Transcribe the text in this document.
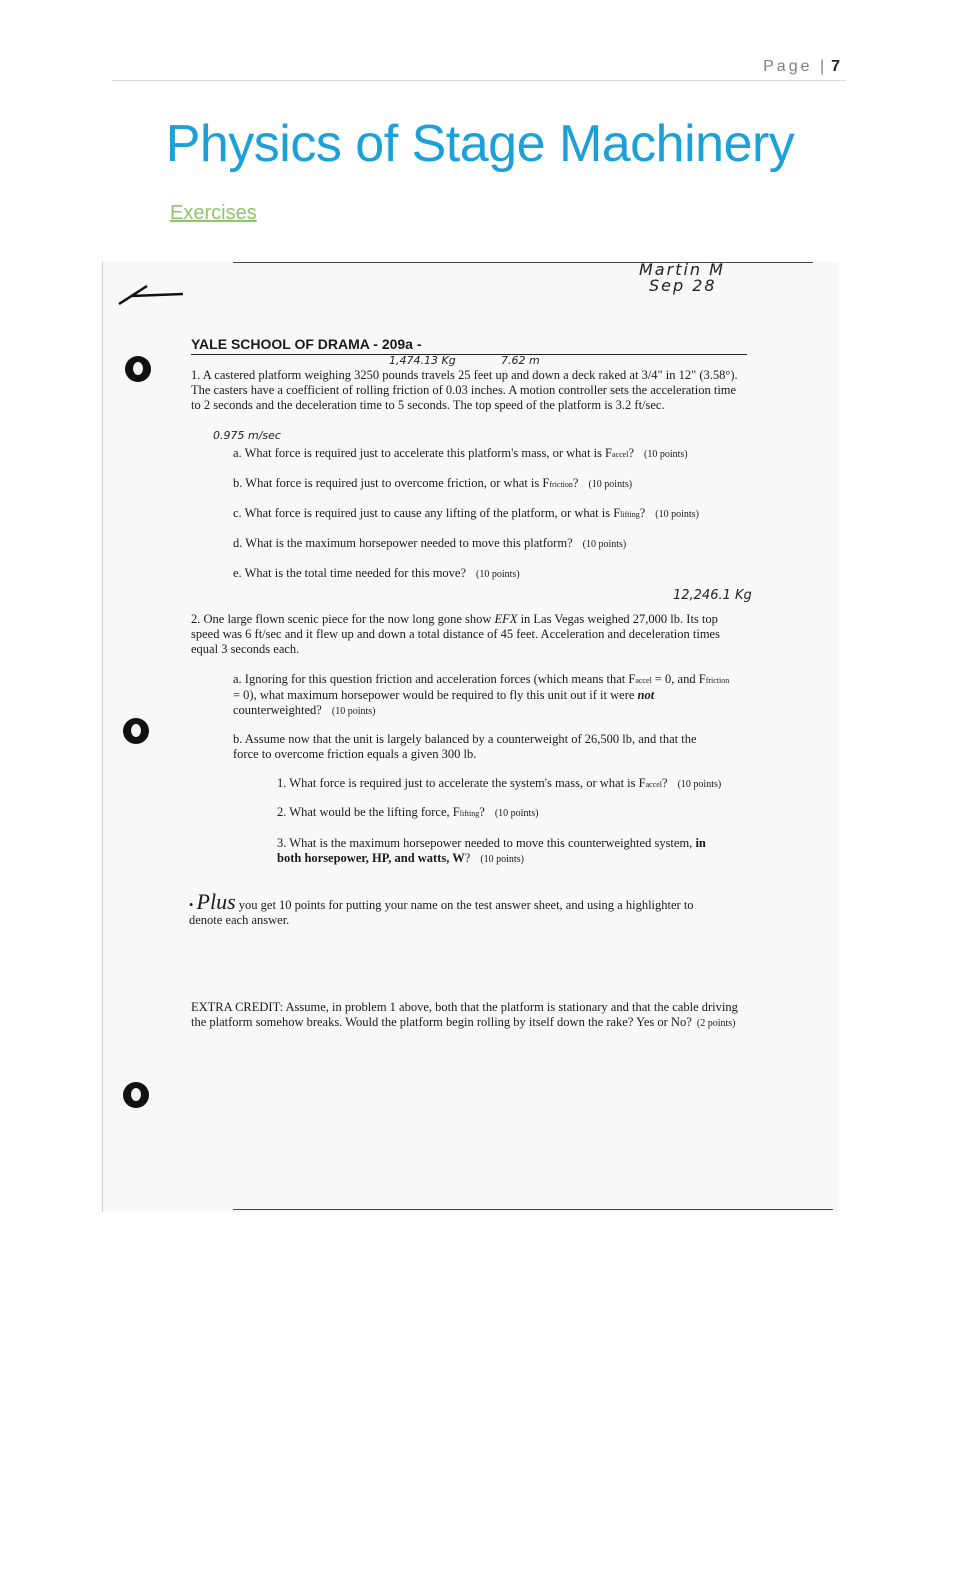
Page | 7
Physics of Stage Machinery
Exercises
Martin M
Sep 28
YALE SCHOOL OF DRAMA - 209a -
1,474.13 Kg	7.62 m
1. A castered platform weighing 3250 pounds travels 25 feet up and down a deck raked at 3/4" in 12" (3.58°). The casters have a coefficient of rolling friction of 0.03 inches. A motion controller sets the acceleration time to 2 seconds and the deceleration time to 5 seconds. The top speed of the platform is 3.2 ft/sec.
0.975 m/sec
a. What force is required just to accelerate this platform's mass, or what is Faccel? (10 points)
b. What force is required just to overcome friction, or what is Ffriction? (10 points)
c. What force is required just to cause any lifting of the platform, or what is Flifting? (10 points)
d. What is the maximum horsepower needed to move this platform? (10 points)
e. What is the total time needed for this move? (10 points)
12,246.1 Kg
2. One large flown scenic piece for the now long gone show EFX in Las Vegas weighed 27,000 lb. Its top speed was 6 ft/sec and it flew up and down a total distance of 45 feet. Acceleration and deceleration times equal 3 seconds each.
a. Ignoring for this question friction and acceleration forces (which means that Faccel = 0, and Ffriction = 0), what maximum horsepower would be required to fly this unit out if it were not counterweighted? (10 points)
b. Assume now that the unit is largely balanced by a counterweight of 26,500 lb, and that the force to overcome friction equals a given 300 lb.
1. What force is required just to accelerate the system's mass, or what is Faccel? (10 points)
2. What would be the lifting force, Flifting? (10 points)
3. What is the maximum horsepower needed to move this counterweighted system, in both horsepower, HP, and watts, W? (10 points)
• Plus you get 10 points for putting your name on the test answer sheet, and using a highlighter to denote each answer.
EXTRA CREDIT: Assume, in problem 1 above, both that the platform is stationary and that the cable driving the platform somehow breaks. Would the platform begin rolling by itself down the rake? Yes or No? (2 points)
